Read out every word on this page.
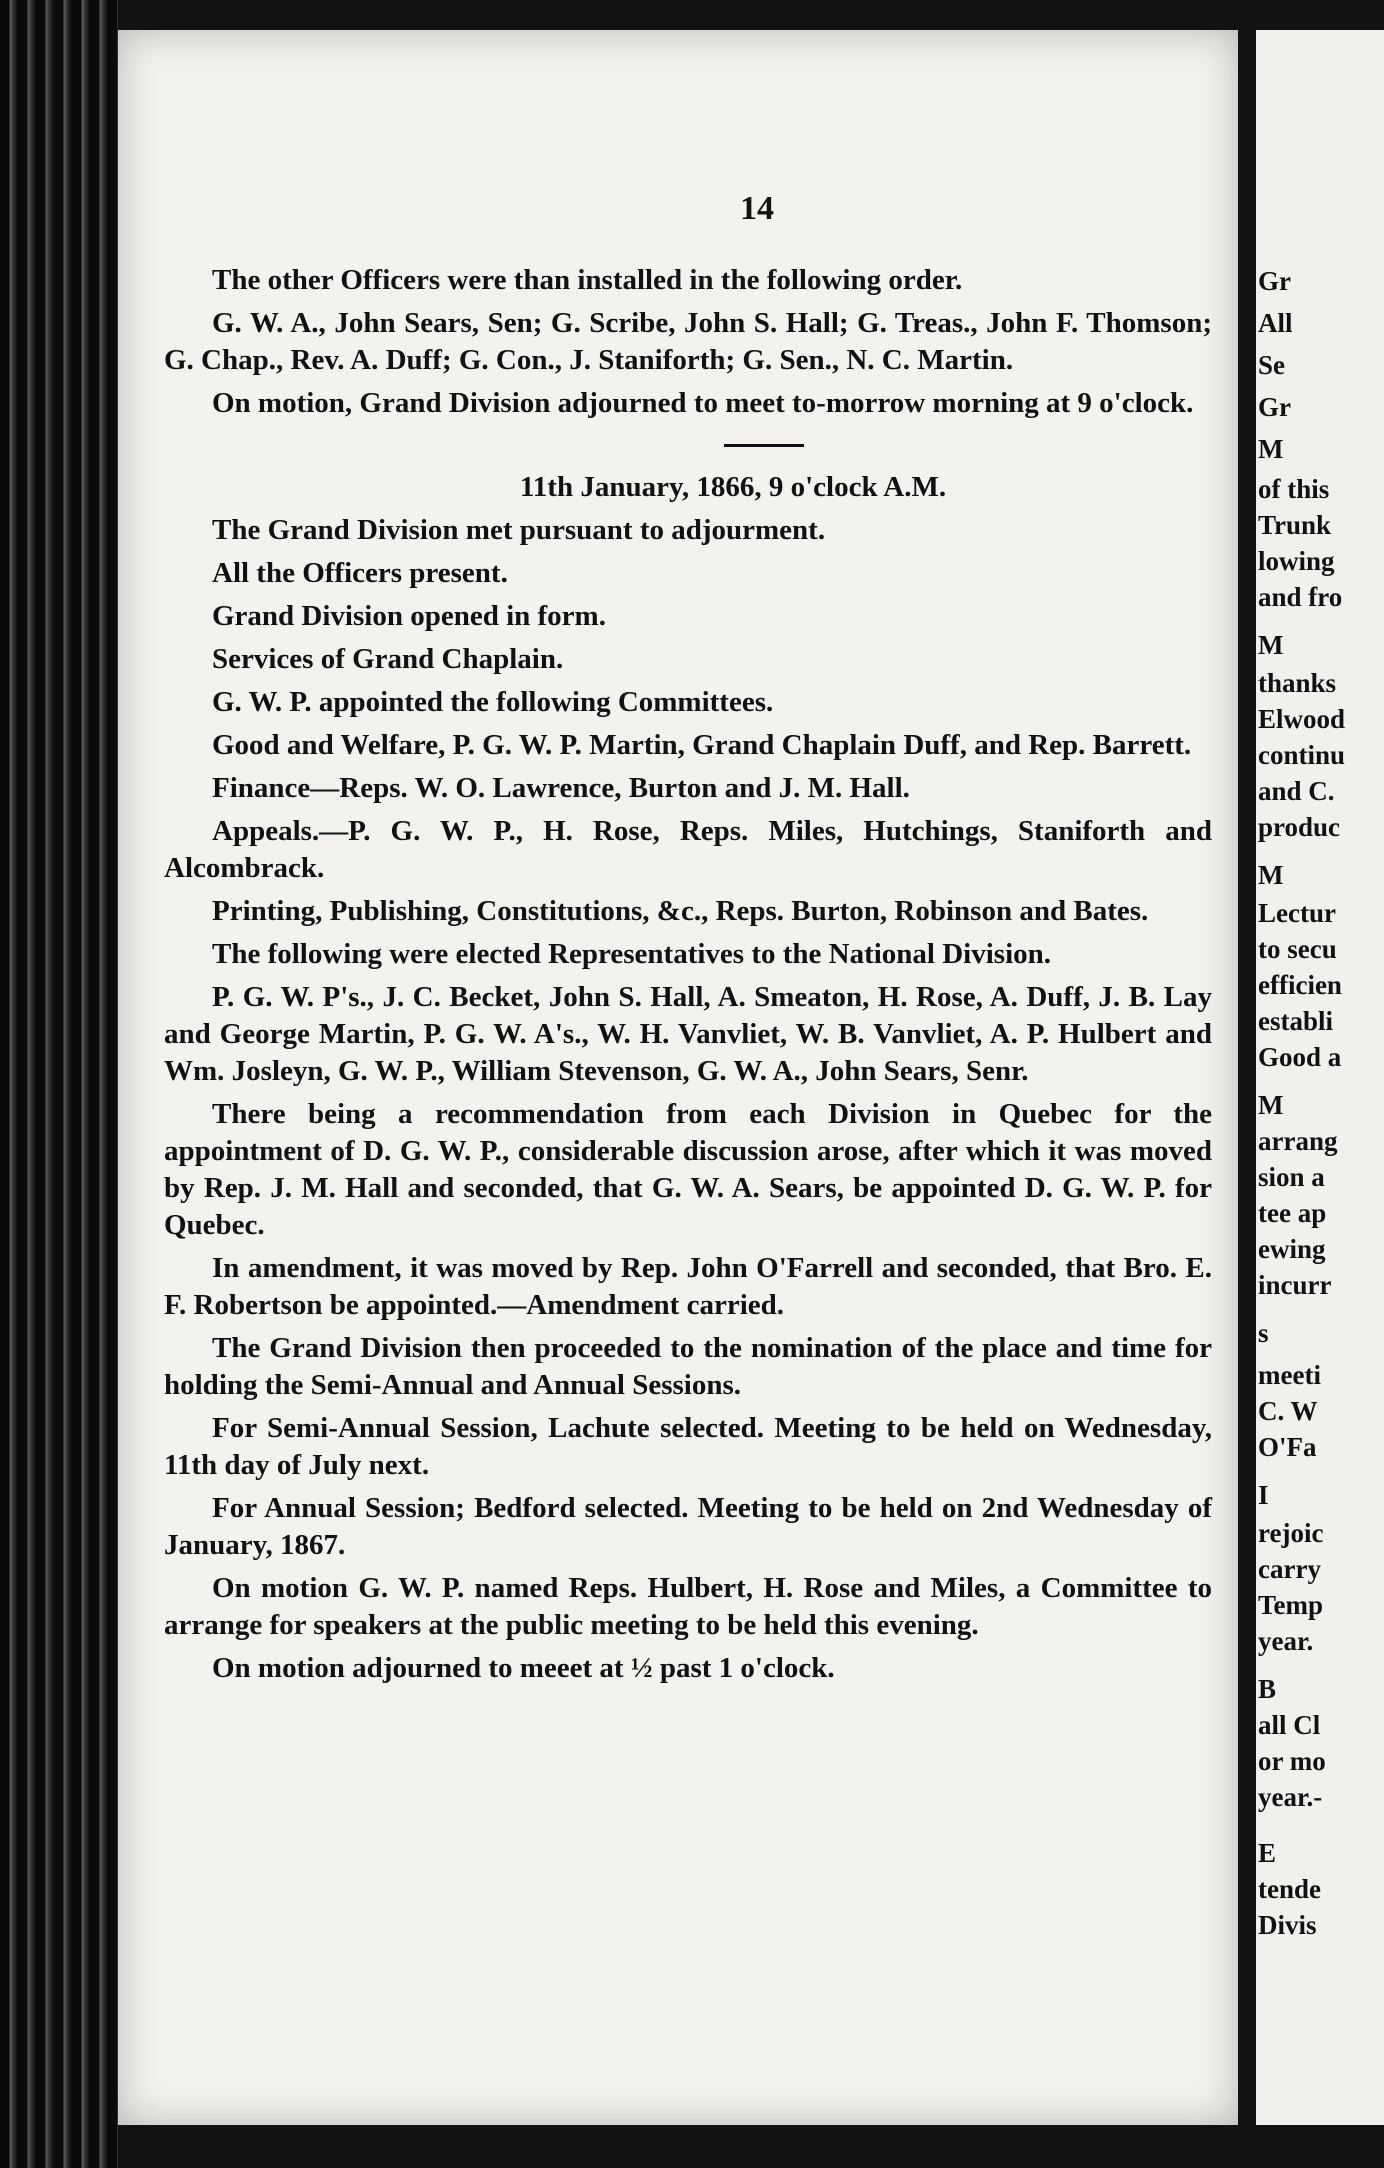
14

The other Officers were than installed in the following order.

G. W. A., John Sears, Sen; G. Scribe, John S. Hall; G. Treas., John F. Thomson; G. Chap., Rev. A. Duff; G. Con., J. Staniforth; G. Sen., N. C. Martin.

On motion, Grand Division adjourned to meet to-morrow morning at 9 o'clock.

11th January, 1866, 9 o'clock A.M.

The Grand Division met pursuant to adjourment.

All the Officers present.

Grand Division opened in form.

Services of Grand Chaplain.

G. W. P. appointed the following Committees.

Good and Welfare, P. G. W. P. Martin, Grand Chaplain Duff, and Rep. Barrett.

Finance—Reps. W. O. Lawrence, Burton and J. M. Hall.

Appeals.—P. G. W. P., H. Rose, Reps. Miles, Hutchings, Staniforth and Alcombrack.

Printing, Publishing, Constitutions, &c., Reps. Burton, Robinson and Bates.

The following were elected Representatives to the National Division.

P. G. W. P's., J. C. Becket, John S. Hall, A. Smeaton, H. Rose, A. Duff, J. B. Lay and George Martin, P. G. W. A's., W. H. Vanvliet, W. B. Vanvliet, A. P. Hulbert and Wm. Josleyn, G. W. P., William Stevenson, G. W. A., John Sears, Senr.

There being a recommendation from each Division in Quebec for the appointment of D. G. W. P., considerable discussion arose, after which it was moved by Rep. J. M. Hall and seconded, that G. W. A. Sears, be appointed D. G. W. P. for Quebec.

In amendment, it was moved by Rep. John O'Farrell and seconded, that Bro. E. F. Robertson be appointed.—Amendment carried.

The Grand Division then proceeded to the nomination of the place and time for holding the Semi-Annual and Annual Sessions.

For Semi-Annual Session, Lachute selected. Meeting to be held on Wednesday, 11th day of July next.

For Annual Session; Bedford selected. Meeting to be held on 2nd Wednesday of January, 1867.

On motion G. W. P. named Reps. Hulbert, H. Rose and Miles, a Committee to arrange for speakers at the public meeting to be held this evening.

On motion adjourned to meeet at ½ past 1 o'clock.

Gr
All
Se
Gr
M
of this
Trunk
lowing
and fro
M
thanks
Elwood
continu
and C.
produc
M
Lectur
to secu
efficien
establi
Good a
M
arrang
sion a
tee ap
ewing
incurr
s
meeti
C. W
O'Fa
I
rejoic
carry
Temp
year.
B
all Cl
or mo
year.-
E
tende
Divis
